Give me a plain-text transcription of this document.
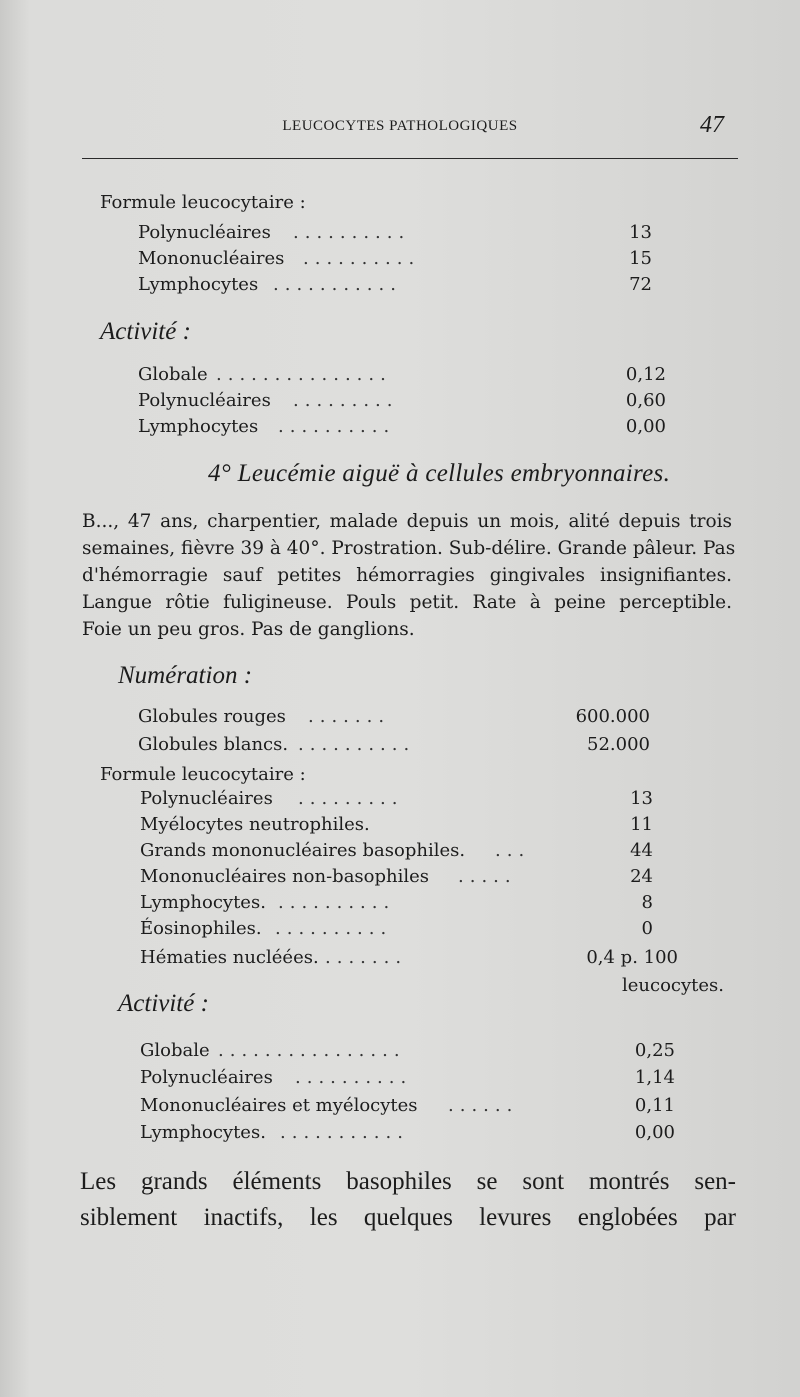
LEUCOCYTES PATHOLOGIQUES	47
Formule leucocytaire :
Polynucléaires ..........	13
Mononucléaires ..........	15
Lymphocytes ...........	72
Activité :
Globale ...............	0,12
Polynucléaires .........	0,60
Lymphocytes ..........	0,00
4° Leucémie aiguë à cellules embryonnaires.
B..., 47 ans, charpentier, malade depuis un mois, alité depuis trois
semaines, fièvre 39 à 40°. Prostration. Sub-délire. Grande pâleur. Pas
d'hémorragie sauf petites hémorragies gingivales insignifiantes.
Langue rôtie fuligineuse. Pouls petit. Rate à peine perceptible.
Foie un peu gros. Pas de ganglions.
Numération :
Globules rouges .......	600.000
Globules blancs. ..........	52.000
Formule leucocytaire :
Polynucléaires .........	13
Myélocytes neutrophiles.	11
Grands mononucléaires basophiles. ...	44
Mononucléaires non-basophiles .....	24
Lymphocytes. ..........	8
Éosinophiles. ..........	0
Hématies nucléées. .......	0,4 p. 100
leucocytes.
Activité :
Globale ................	0,25
Polynucléaires ..........	1,14
Mononucléaires et myélocytes ......	0,11
Lymphocytes. ...........	0,00
Les grands éléments basophiles se sont montrés sen-
siblement inactifs, les quelques levures englobées par
